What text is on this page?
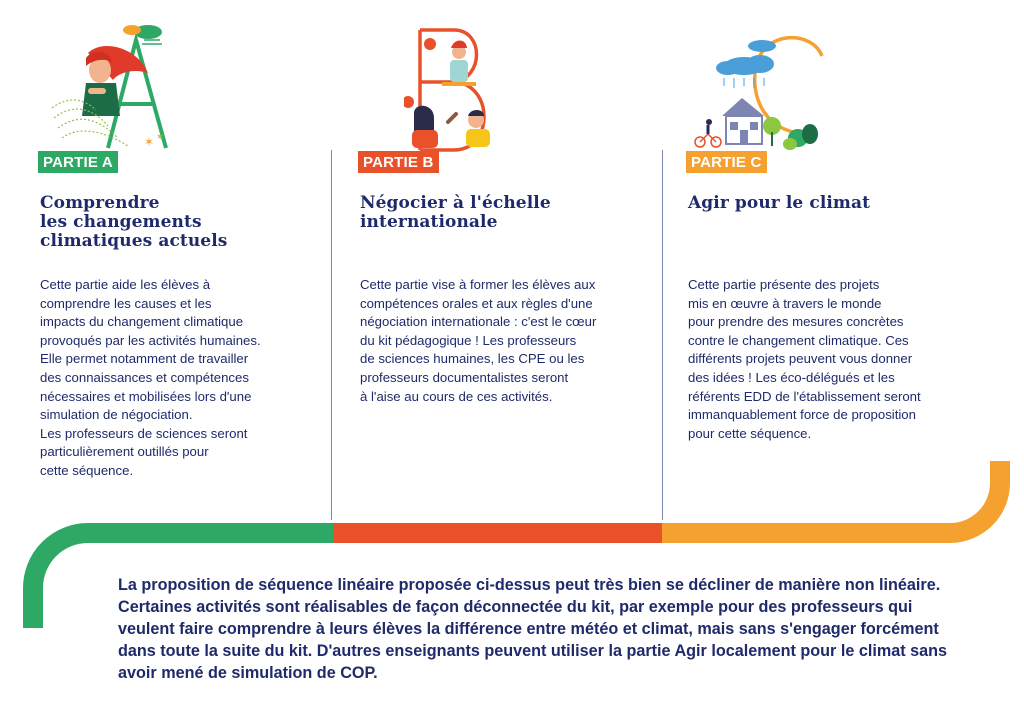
✶ ✶
PARTIE A
Comprendre
les changements
climatiques actuels
Cette partie aide les élèves à
comprendre les causes et les
impacts du changement climatique
provoqués par les activités humaines.
Elle permet notamment de travailler
des connaissances et compétences
nécessaires et mobilisées lors d'une
simulation de négociation.
Les professeurs de sciences seront
particulièrement outillés pour
cette séquence.
PARTIE B
Négocier à l'échelle
internationale
Cette partie vise à former les élèves aux
compétences orales et aux règles d'une
négociation internationale : c'est le cœur
du kit pédagogique ! Les professeurs
de sciences humaines, les CPE ou les
professeurs documentalistes seront
à l'aise au cours de ces activités.
PARTIE C
Agir pour le climat
Cette partie présente des projets
mis en œuvre à travers le monde
pour prendre des mesures concrètes
contre le changement climatique. Ces
différents projets peuvent vous donner
des idées ! Les éco-délégués et les
référents EDD de l'établissement seront
immanquablement force de proposition
pour cette séquence.
La proposition de séquence linéaire proposée ci-dessus peut très bien se décliner de manière non linéaire. Certaines activités sont réalisables de façon déconnectée du kit, par exemple pour des professeurs qui veulent faire comprendre à leurs élèves la différence entre météo et climat, mais sans s'engager forcément dans toute la suite du kit. D'autres enseignants peuvent utiliser la partie Agir localement pour le climat sans avoir mené de simulation de COP.
